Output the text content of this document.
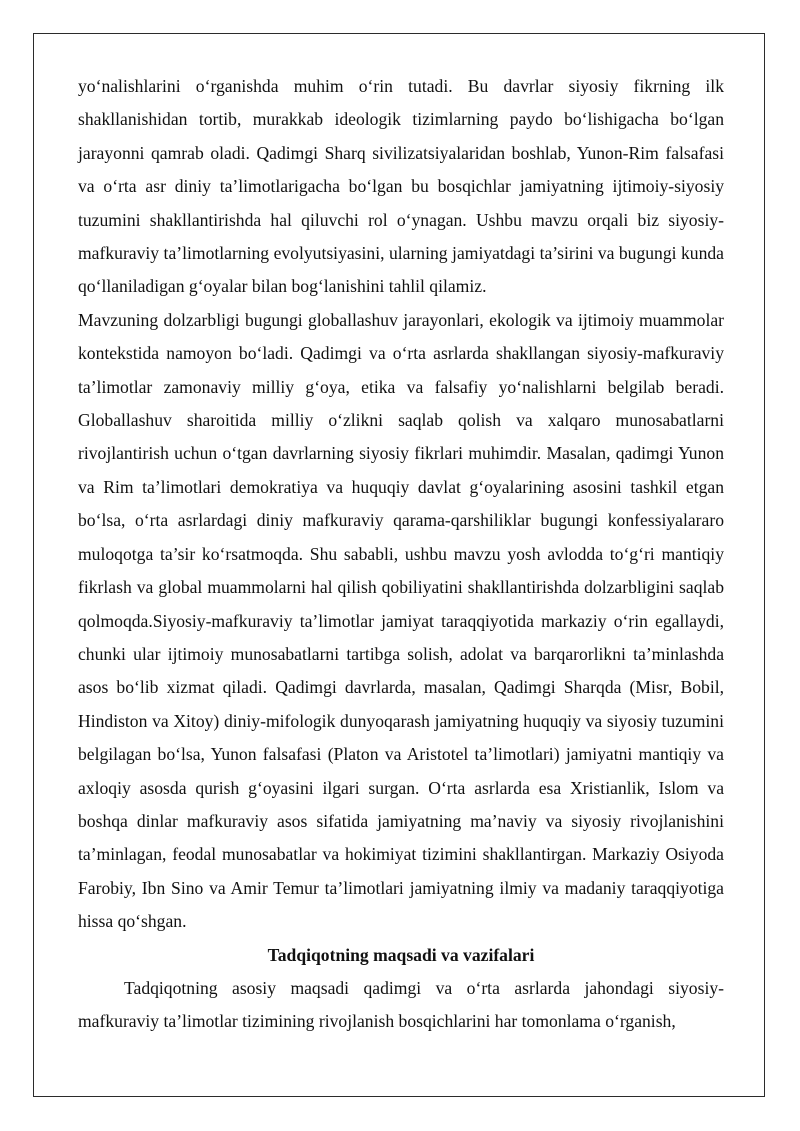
yo‘nalishlarini o‘rganishda muhim o‘rin tutadi. Bu davrlar siyosiy fikrning ilk shakllanishidan tortib, murakkab ideologik tizimlarning paydo bo‘lishigacha bo‘lgan jarayonni qamrab oladi. Qadimgi Sharq sivilizatsiyalaridan boshlab, Yunon-Rim falsafasi va o‘rta asr diniy ta’limotlarigacha bo‘lgan bu bosqichlar jamiyatning ijtimoiy-siyosiy tuzumini shakllantirishda hal qiluvchi rol o‘ynagan. Ushbu mavzu orqali biz siyosiy-mafkuraviy ta’limotlarning evolyutsiyasini, ularning jamiyatdagi ta’sirini va bugungi kunda qo‘llaniladigan g‘oyalar bilan bog‘lanishini tahlil qilamiz.

Mavzuning dolzarbligi bugungi globallashuv jarayonlari, ekologik va ijtimoiy muammolar kontekstida namoyon bo‘ladi. Qadimgi va o‘rta asrlarda shakllangan siyosiy-mafkuraviy ta’limotlar zamonaviy milliy g‘oya, etika va falsafiy yo‘nalishlarni belgilab beradi. Globallashuv sharoitida milliy o‘zlikni saqlab qolish va xalqaro munosabatlarni rivojlantirish uchun o‘tgan davrlarning siyosiy fikrlari muhimdir. Masalan, qadimgi Yunon va Rim ta’limotlari demokratiya va huquqiy davlat g‘oyalarining asosini tashkil etgan bo‘lsa, o‘rta asrlardagi diniy mafkuraviy qarama-qarshiliklar bugungi konfessiyalararo muloqotga ta’sir ko‘rsatmoqda. Shu sababli, ushbu mavzu yosh avlodda to‘g‘ri mantiqiy fikrlash va global muammolarni hal qilish qobiliyatini shakllantirishda dolzarbligini saqlab qolmoqda.Siyosiy-mafkuraviy ta’limotlar jamiyat taraqqiyotida markaziy o‘rin egallaydi, chunki ular ijtimoiy munosabatlarni tartibga solish, adolat va barqarorlikni ta’minlashda asos bo‘lib xizmat qiladi. Qadimgi davrlarda, masalan, Qadimgi Sharqda (Misr, Bobil, Hindiston va Xitoy) diniy-mifologik dunyoqarash jamiyatning huquqiy va siyosiy tuzumini belgilagan bo‘lsa, Yunon falsafasi (Platon va Aristotel ta’limotlari) jamiyatni mantiqiy va axloqiy asosda qurish g‘oyasini ilgari surgan. O‘rta asrlarda esa Xristianlik, Islom va boshqa dinlar mafkuraviy asos sifatida jamiyatning ma’naviy va siyosiy rivojlanishini ta’minlagan, feodal munosabatlar va hokimiyat tizimini shakllantirgan. Markaziy Osiyoda Farobiy, Ibn Sino va Amir Temur ta’limotlari jamiyatning ilmiy va madaniy taraqqiyotiga hissa qo‘shgan.

Tadqiqotning maqsadi va vazifalari

Tadqiqotning asosiy maqsadi qadimgi va o‘rta asrlarda jahondagi siyosiy-mafkuraviy ta’limotlar tizimining rivojlanish bosqichlarini har tomonlama o‘rganish,
